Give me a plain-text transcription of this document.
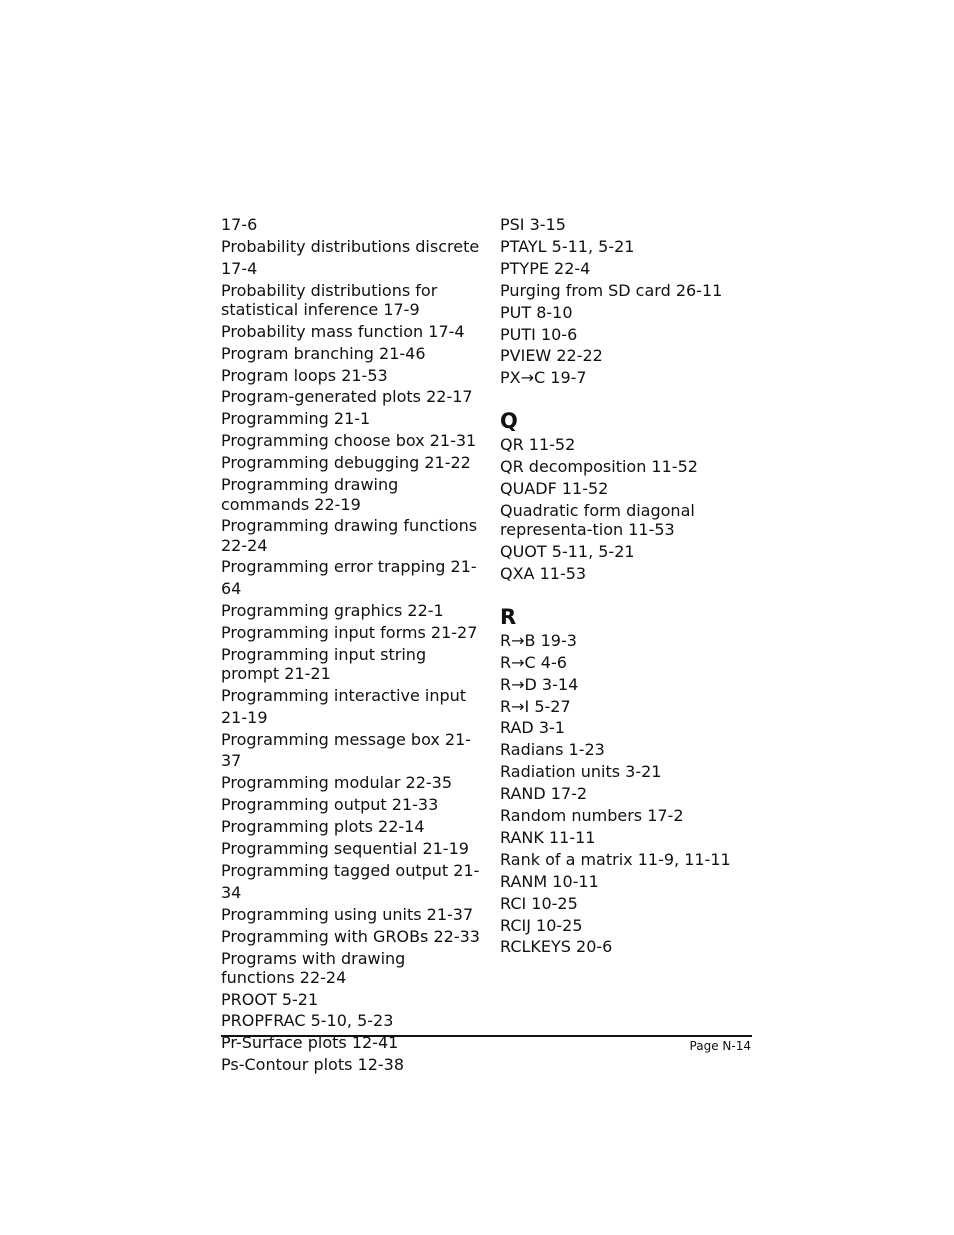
17-6

Probability distributions discrete 17-4

Probability distributions for statistical inference 17-9

Probability mass function 17-4

Program branching 21-46

Program loops 21-53

Program-generated plots 22-17

Programming 21-1

Programming choose box 21-31

Programming debugging 21-22

Programming drawing commands 22-19

Programming drawing functions 22-24

Programming error trapping 21-64

Programming graphics 22-1

Programming input forms 21-27

Programming input string prompt 21-21

Programming interactive input 21-19

Programming message box 21-37

Programming modular 22-35

Programming output 21-33

Programming plots 22-14

Programming sequential 21-19

Programming tagged output 21-34

Programming using units 21-37

Programming with GROBs 22-33

Programs with drawing functions 22-24

PROOT 5-21

PROPFRAC 5-10, 5-23

Pr-Surface plots 12-41

Ps-Contour plots 12-38

PSI 3-15

PTAYL 5-11, 5-21

PTYPE 22-4

Purging from SD card 26-11

PUT 8-10

PUTI 10-6

PVIEW 22-22

PX→C 19-7

Q

QR 11-52

QR decomposition 11-52

QUADF 11-52

Quadratic form diagonal representa-tion 11-53

QUOT 5-11, 5-21

QXA 11-53

R

R→B 19-3

R→C 4-6

R→D 3-14

R→I 5-27

RAD 3-1

Radians 1-23

Radiation units 3-21

RAND 17-2

Random numbers 17-2

RANK 11-11

Rank of a matrix 11-9, 11-11

RANM 10-11

RCI 10-25

RCIJ 10-25

RCLKEYS 20-6

Page N-14
